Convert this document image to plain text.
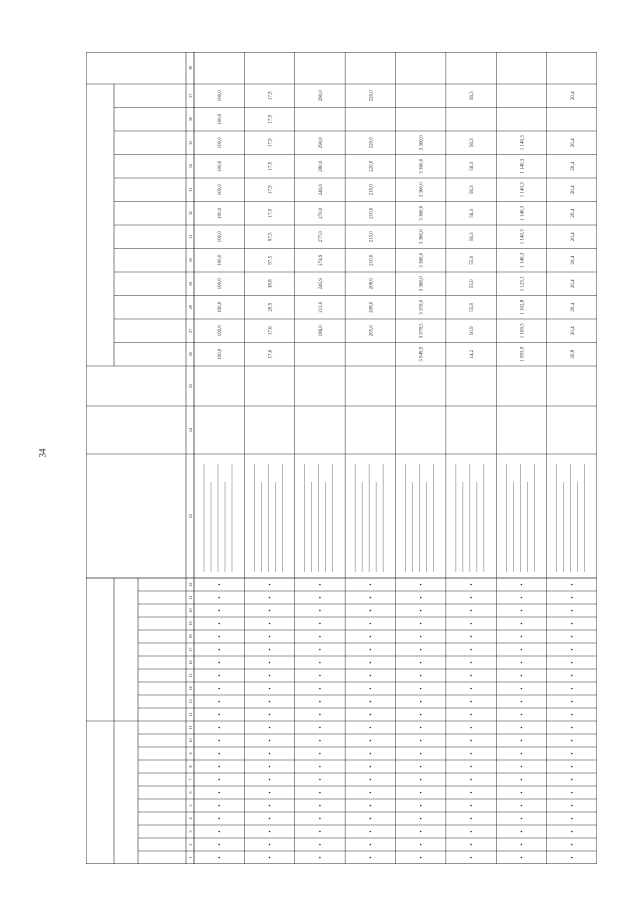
34
1
2
3
4
5
6
7
8
9
10
11
12
13
14
15
16
17
18
19
20
21
22
23
24
25
26
27
28
29
30
31
32
33
34
35
36
37
38
100,0
100,0
100,0
100,0
100,0
100,0
100,0
100,0
100,0
100,0
100,0
100,0
17,6
17,6
20,9
38,8
97,5
97,5
17,9
17,9
17,9
17,9
17,9
17,9
186,0
211,0
245,9
274,9
277,0
270,0
240,0
280,0
290,0
290,0
205,0
208,0
208,0
210,0
215,0
210,0
210,0
220,0
220,0
220,0
3 049,9
3 078,5
3 359,0
3 360,0
3 360,0
3 360,0
3 360,0
3 360,0
3 360,0
3 360,0
14,2
50,9
55,0
55,0
55,0
56,3
56,3
56,3
56,3
56,3
56,3
1 093,9
1 100,5
1 102,8
1 125,1
1 140,3
1 140,3
1 140,3
1 140,3
1 140,3
1 140,3
20,8
20,4
20,4
20,4
20,4
20,4
20,4
20,4
20,4
20,4
20,4
